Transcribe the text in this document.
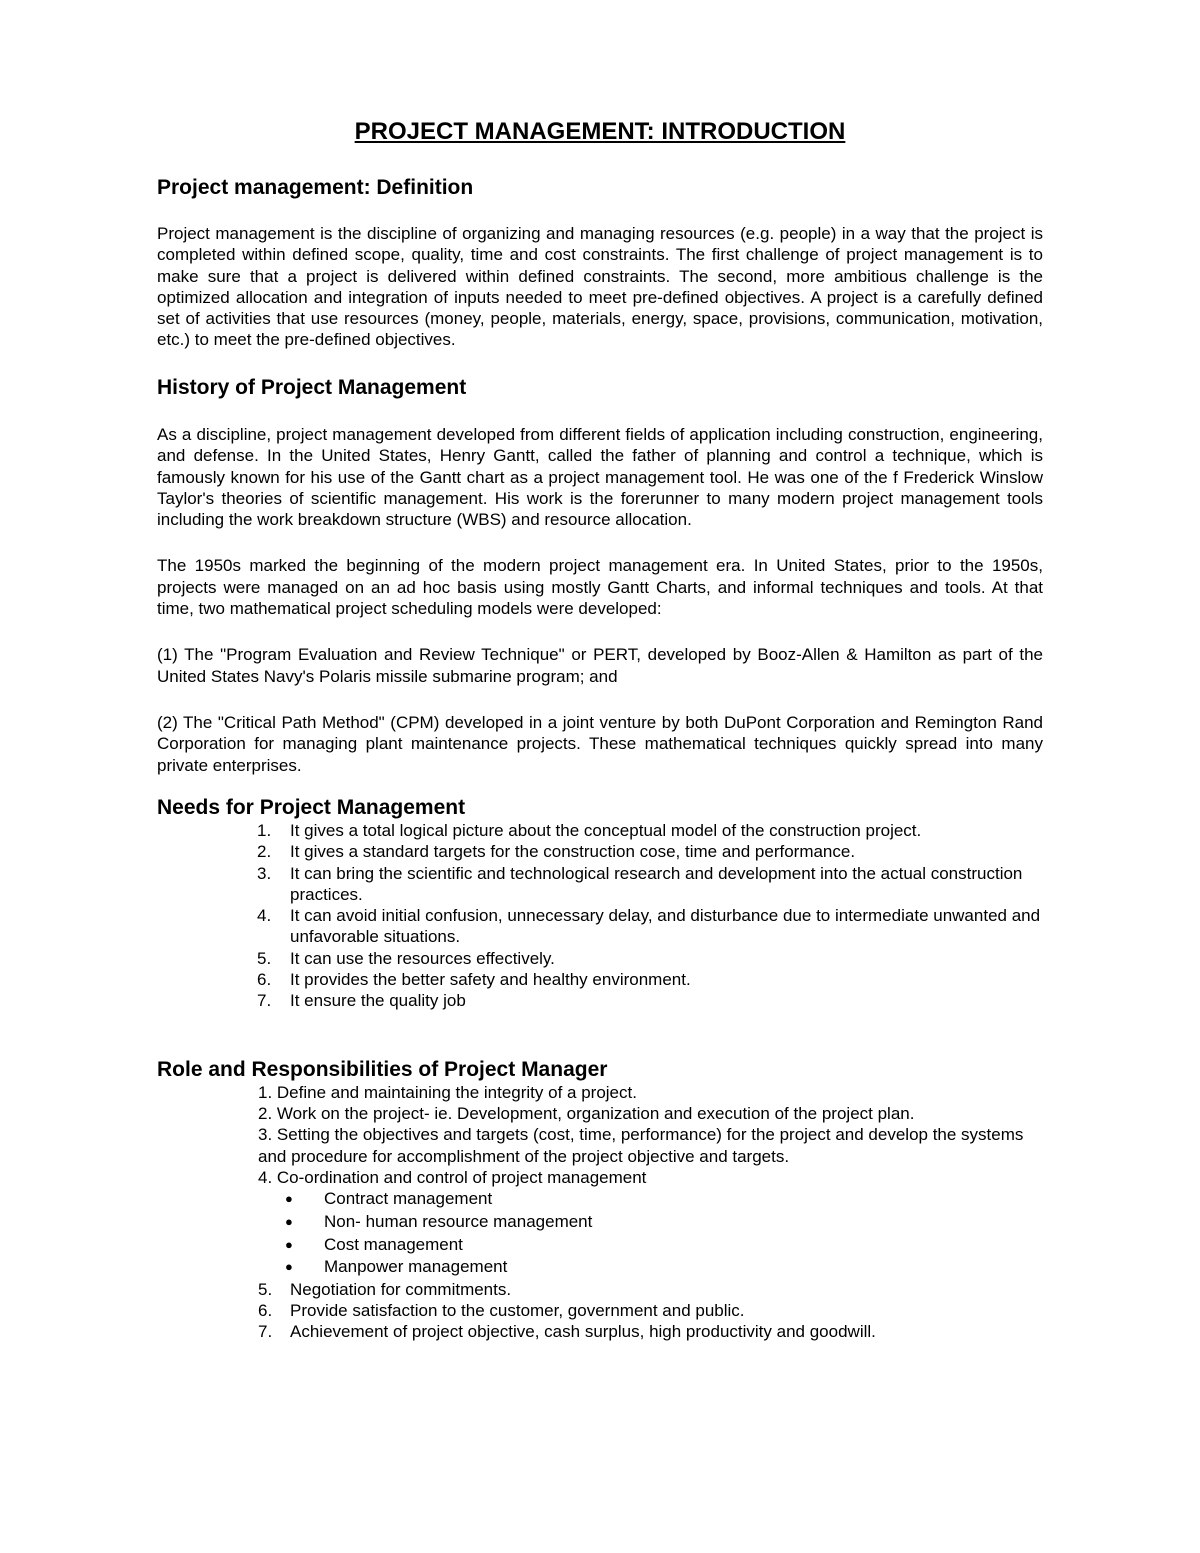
PROJECT MANAGEMENT: INTRODUCTION
Project management: Definition

Project management is the discipline of organizing and managing resources (e.g. people) in a way that the project is completed within defined scope, quality, time and cost constraints. The first challenge of project management is to make sure that a project is delivered within defined constraints. The second, more ambitious challenge is the optimized allocation and integration of inputs needed to meet pre-defined objectives. A project is a carefully defined set of activities that use resources (money, people, materials, energy, space, provisions, communication, motivation, etc.) to meet the pre-defined objectives.

History of Project Management

As a discipline, project management developed from different fields of application including construction, engineering, and defense. In the United States, Henry Gantt, called the father of planning and control a technique, which is famously known for his use of the Gantt chart as a project management tool. He was one of the f Frederick Winslow Taylor's theories of scientific management. His work is the forerunner to many modern project management tools including the work breakdown structure (WBS) and resource allocation.

The 1950s marked the beginning of the modern project management era. In United States, prior to the 1950s, projects were managed on an ad hoc basis using mostly Gantt Charts, and informal techniques and tools. At that time, two mathematical project scheduling models were developed:

(1) The "Program Evaluation and Review Technique" or PERT, developed by Booz-Allen & Hamilton as part of the United States Navy's Polaris missile submarine program; and

(2) The "Critical Path Method" (CPM) developed in a joint venture by both DuPont Corporation and Remington Rand Corporation for managing plant maintenance projects. These mathematical techniques quickly spread into many private enterprises.

Needs for Project Management
1. It gives a total logical picture about the conceptual model of the construction project.
2. It gives a standard targets for the construction cose, time and performance.
3. It can bring the scientific and technological research and development into the actual construction practices.
4. It can avoid initial confusion, unnecessary delay, and disturbance due to intermediate unwanted and unfavorable situations.
5. It can use the resources effectively.
6. It provides the better safety and healthy environment.
7. It ensure the quality job
Role and Responsibilities of Project Manager
1. Define and maintaining the integrity of a project.
2. Work on the project- ie. Development, organization and execution of the project plan.
3. Setting the objectives and targets (cost, time, performance) for the project and develop the systems and procedure for accomplishment of the project objective and targets.
4. Co-ordination and control of project management
● Contract management
● Non- human resource management
● Cost management
● Manpower management
5. Negotiation for commitments.
6. Provide satisfaction to the customer, government and public.
7. Achievement of project objective, cash surplus, high productivity and goodwill.
